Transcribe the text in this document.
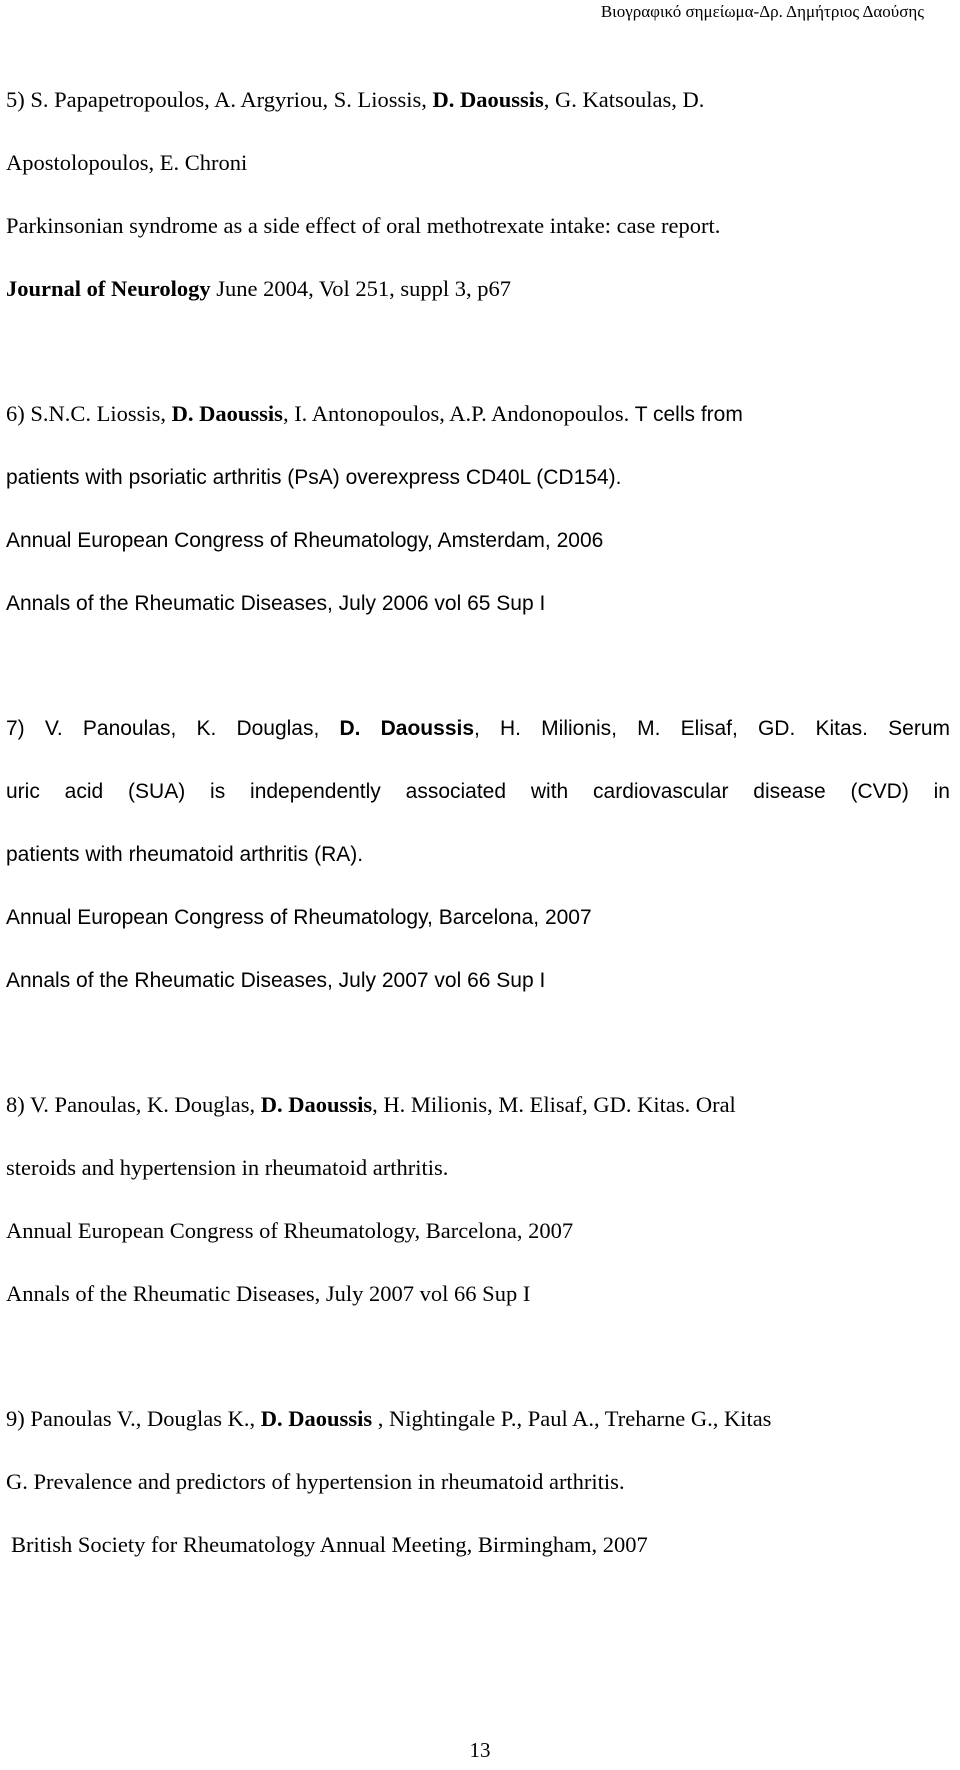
Βιογραφικό σημείωμα-Δρ. Δημήτριος Δαούσης
5) S. Papapetropoulos, A. Argyriou, S. Liossis, D. Daoussis, G. Katsoulas, D.
Apostolopoulos, E. Chroni
Parkinsonian syndrome as a side effect of oral methotrexate intake: case report.
Journal of Neurology June 2004, Vol 251, suppl 3, p67
6) S.N.C. Liossis, D. Daoussis, I. Antonopoulos, A.P. Andonopoulos. T cells from
patients with psoriatic arthritis (PsA) overexpress CD40L (CD154).
Annual European Congress of Rheumatology, Amsterdam, 2006
Annals of the Rheumatic Diseases, July 2006 vol 65 Sup I
7) V. Panoulas, K. Douglas, D. Daoussis, H. Milionis, M. Elisaf, GD. Kitas. Serum
uric acid (SUA) is independently associated with cardiovascular disease (CVD) in
patients with rheumatoid arthritis (RA).
Annual European Congress of Rheumatology, Barcelona, 2007
Annals of the Rheumatic Diseases, July 2007 vol 66 Sup I
8) V. Panoulas, K. Douglas, D. Daoussis, H. Milionis, M. Elisaf, GD. Kitas. Oral
steroids and hypertension in rheumatoid arthritis.
Annual European Congress of Rheumatology, Barcelona, 2007
Annals of the Rheumatic Diseases, July 2007 vol 66 Sup I
9) Panoulas V., Douglas K., D. Daoussis , Nightingale P., Paul A., Treharne G., Kitas
G. Prevalence and predictors of hypertension in rheumatoid arthritis.
British Society for Rheumatology Annual Meeting, Birmingham, 2007
13
